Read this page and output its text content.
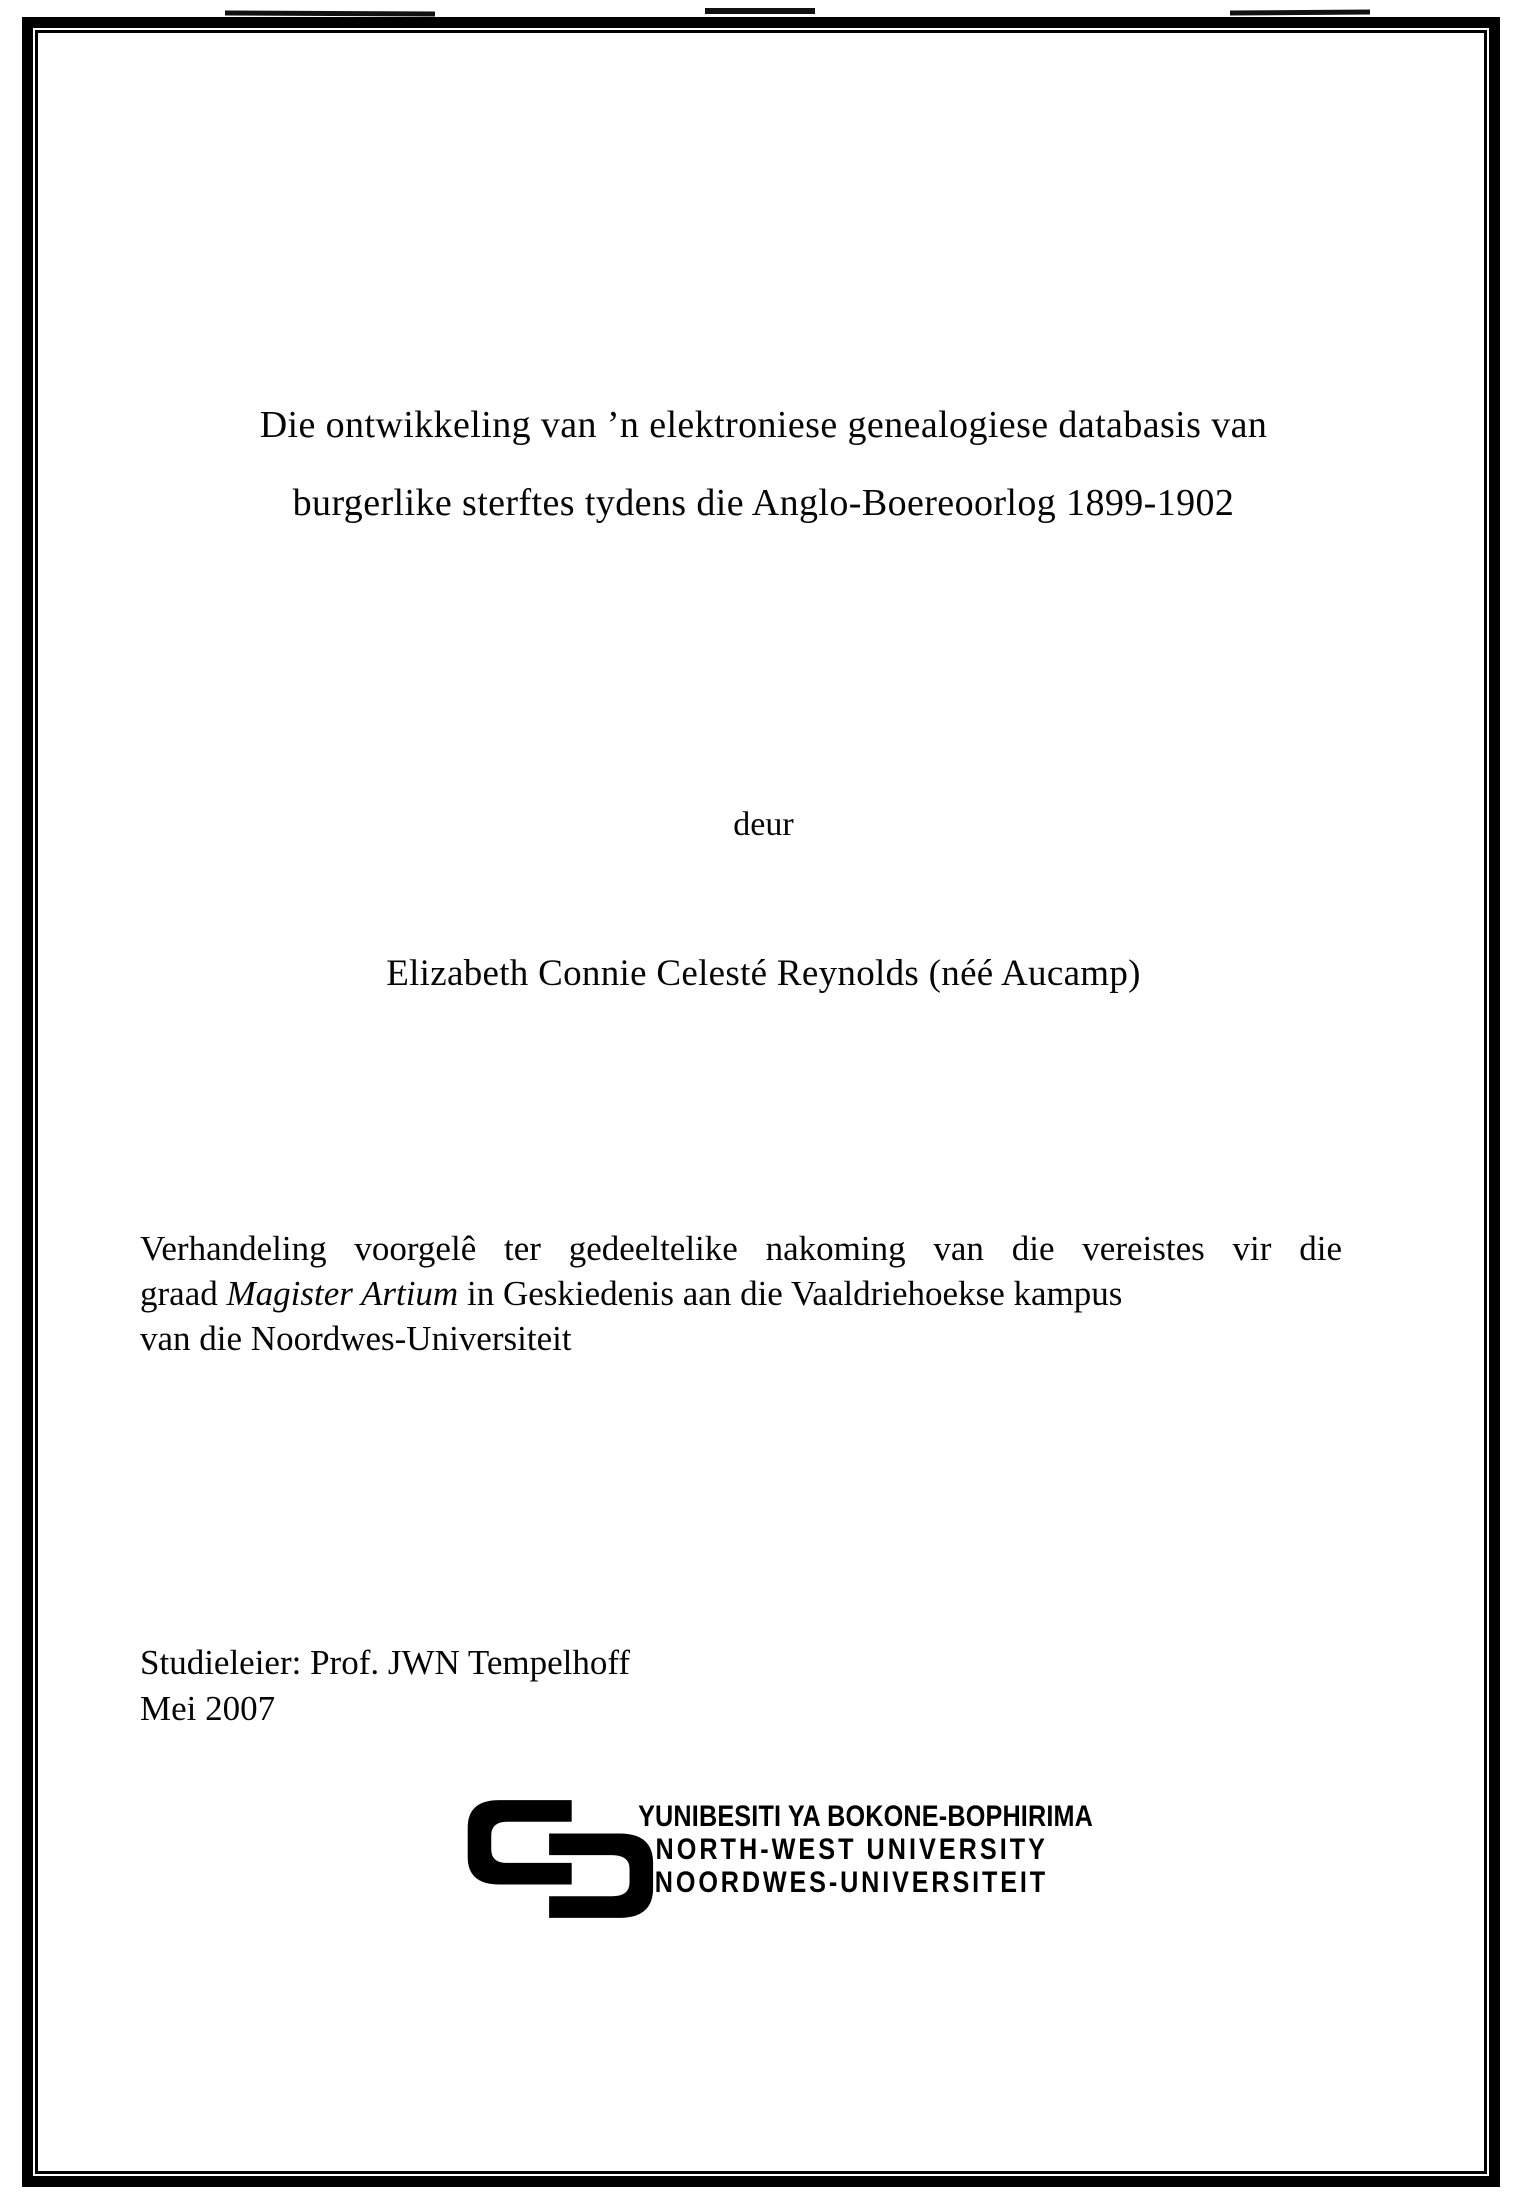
Die ontwikkeling van ’n elektroniese genealogiese databasis van
burgerlike sterftes tydens die Anglo-Boereoorlog 1899-1902
deur
Elizabeth Connie Celesté Reynolds (néé Aucamp)
Verhandeling voorgelê ter gedeeltelike nakoming van die vereistes vir die
graad Magister Artium in Geskiedenis aan die Vaaldriehoekse kampus
van die Noordwes-Universiteit
Studieleier: Prof. JWN Tempelhoff
Mei 2007
YUNIBESITI YA BOKONE-BOPHIRIMA
NORTH-WEST UNIVERSITY
NOORDWES-UNIVERSITEIT
